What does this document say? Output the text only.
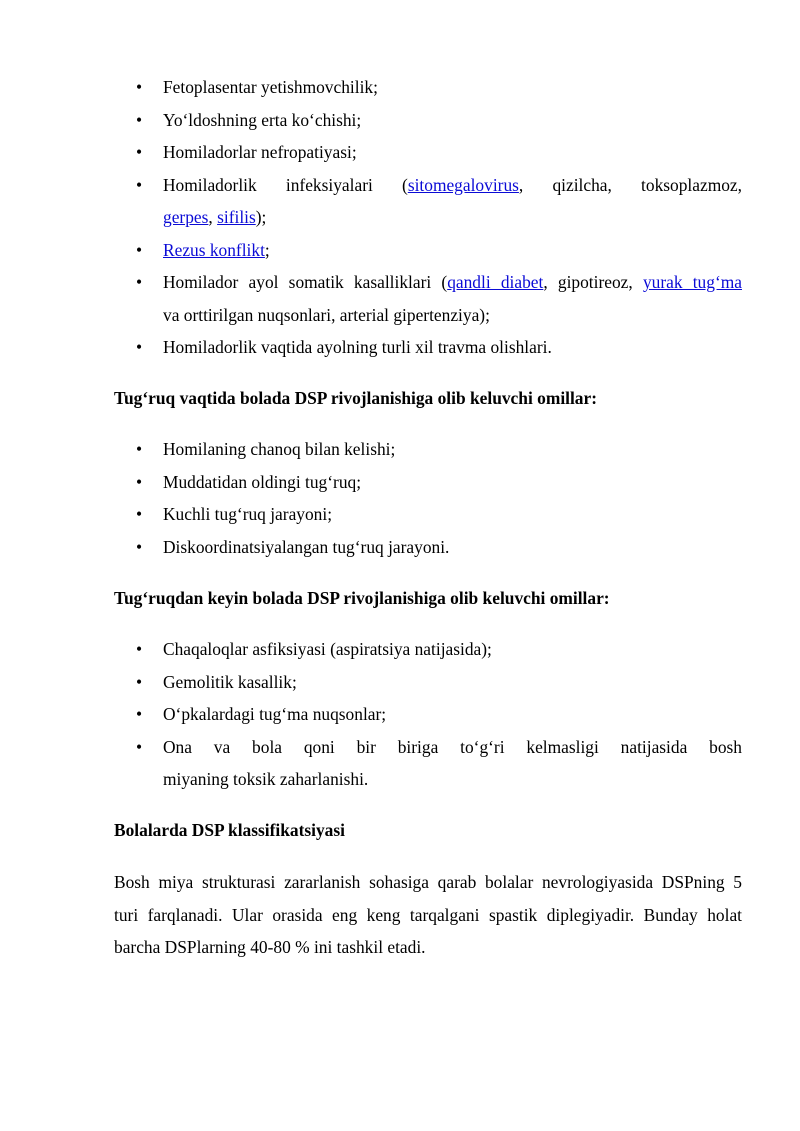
• Fetoplasentar yetishmovchilik;
• Yo‘ldoshning erta ko‘chishi;
• Homiladorlar nefropatiyasi;
• Homiladorlik infeksiyalari (sitomegalovirus, qizilcha, toksoplazmoz,
gerpes, sifilis);
• Rezus konflikt;
• Homilador ayol somatik kasalliklari (qandli diabet, gipotireoz, yurak tug‘ma
va orttirilgan nuqsonlari, arterial gipertenziya);
• Homiladorlik vaqtida ayolning turli xil travma olishlari.
Tug‘ruq vaqtida bolada DSP rivojlanishiga olib keluvchi omillar:
• Homilaning chanoq bilan kelishi;
• Muddatidan oldingi tug‘ruq;
• Kuchli tug‘ruq jarayoni;
• Diskoordinatsiyalangan tug‘ruq jarayoni.
Tug‘ruqdan keyin bolada DSP rivojlanishiga olib keluvchi omillar:
• Chaqaloqlar asfiksiyasi (aspiratsiya natijasida);
• Gemolitik kasallik;
• O‘pkalardagi tug‘ma nuqsonlar;
• Ona va bola qoni bir biriga to‘g‘ri kelmasligi natijasida bosh
miyaning toksik zaharlanishi.
Bolalarda DSP klassifikatsiyasi
Bosh miya strukturasi zararlanish sohasiga qarab bolalar nevrologiyasida DSPning 5
turi farqlanadi. Ular orasida eng keng tarqalgani spastik diplegiyadir. Bunday holat
barcha DSPlarning 40-80 % ini tashkil etadi.
